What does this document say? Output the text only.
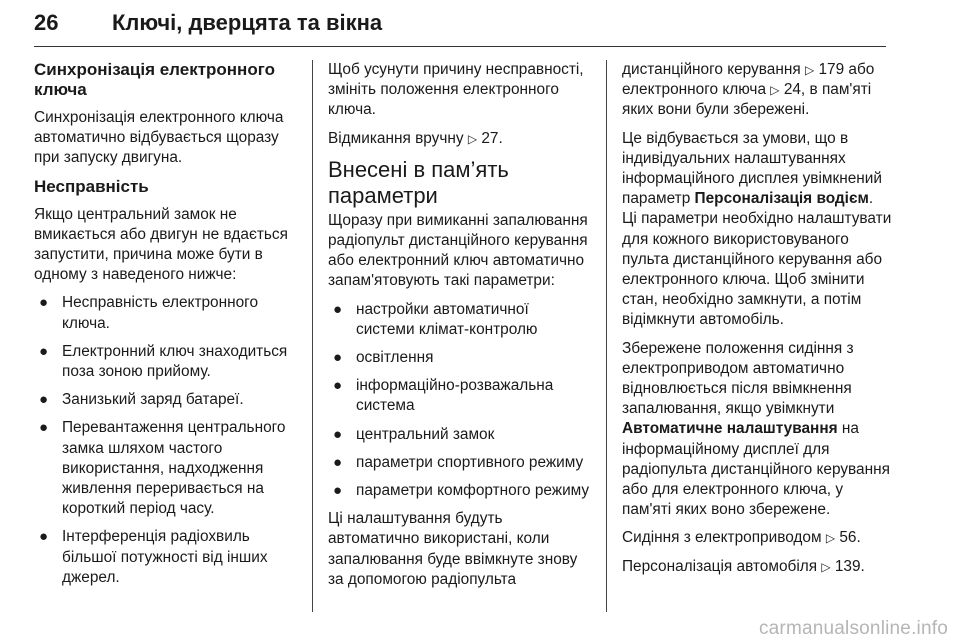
26 Ключі, дверцята та вікна
Синхронізація електронного ключа

Синхронізація електронного ключа автоматично відбувається щоразу при запуску двигуна.

Несправність

Якщо центральний замок не вмикається або двигун не вдається запустити, причина може бути в одному з наведеного нижче:

● Несправність електронного ключа.
● Електронний ключ знаходиться поза зоною прийому.
● Занизький заряд батареї.
● Перевантаження центрального замка шляхом частого використання, надходження живлення переривається на короткий період часу.
● Інтерференція радіохвиль більшої потужності від інших джерел.

Щоб усунути причину несправності, змініть положення електронного ключа.

Відмикання вручну ▷ 27.

Внесені в пам’ять параметри

Щоразу при вимиканні запалювання радіопульт дистанційного керування або електронний ключ автоматично запам'ятовують такі параметри:

● настройки автоматичної системи клімат-контролю
● освітлення
● інформаційно-розважальна система
● центральний замок
● параметри спортивного режиму
● параметри комфортного режиму

Ці налаштування будуть автоматично використані, коли запалювання буде ввімкнуте знову за допомогою радіопульта

дистанційного керування ▷ 179 або електронного ключа ▷ 24, в пам'яті яких вони були збережені.

Це відбувається за умови, що в індивідуальних налаштуваннях інформаційного дисплея увімкнений параметр Персоналізація водієм. Ці параметри необхідно налаштувати для кожного використовуваного пульта дистанційного керування або електронного ключа. Щоб змінити стан, необхідно замкнути, а потім відімкнути автомобіль.

Збережене положення сидіння з електроприводом автоматично відновлюється після ввімкнення запалювання, якщо увімкнути Автоматичне налаштування на інформаційному дисплеї для радіопульта дистанційного керування або для електронного ключа, у пам'яті яких воно збережене.

Сидіння з електроприводом ▷ 56.

Персоналізація автомобіля ▷ 139.

carmanualsonline.info
